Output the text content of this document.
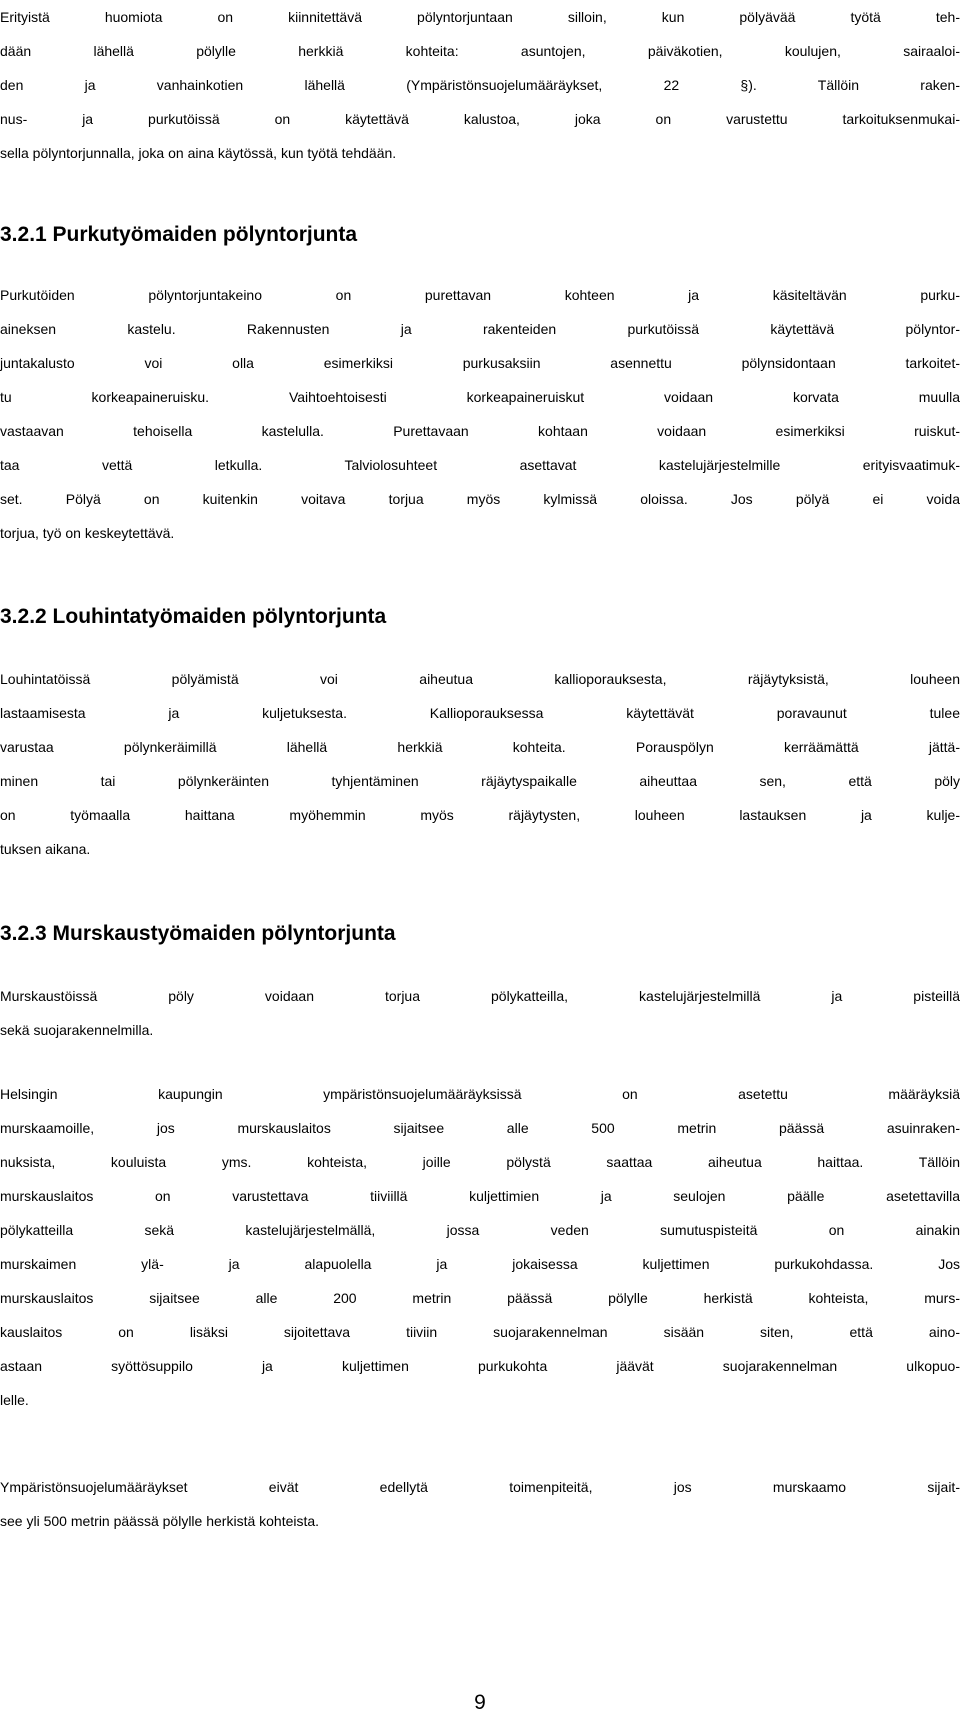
Erityistä huomiota on kiinnitettävä pölyntorjuntaan silloin, kun pölyävää työtä teh-
dään lähellä pölylle herkkiä kohteita: asuntojen, päiväkotien, koulujen, sairaaloi-
den ja vanhainkotien lähellä (Ympäristönsuojelumääräykset, 22 §). Tällöin raken-
nus- ja purkutöissä on käytettävä kalustoa, joka on varustettu tarkoituksenmukai-
sella pölyntorjunnalla, joka on aina käytössä, kun työtä tehdään.
3.2.1 Purkutyömaiden pölyntorjunta
Purkutöiden pölyntorjuntakeino on purettavan kohteen ja käsiteltävän purku-
aineksen kastelu. Rakennusten ja rakenteiden purkutöissä käytettävä pölyntor-
juntakalusto voi olla esimerkiksi purkusaksiin asennettu pölynsidontaan tarkoitet-
tu korkeapaineruisku. Vaihtoehtoisesti korkeapaineruiskut voidaan korvata muulla
vastaavan tehoisella kastelulla. Purettavaan kohtaan voidaan esimerkiksi ruiskut-
taa vettä letkulla. Talviolosuhteet asettavat kastelujärjestelmille erityisvaatimuk-
set. Pölyä on kuitenkin voitava torjua myös kylmissä oloissa. Jos pölyä ei voida
torjua, työ on keskeytettävä.
3.2.2 Louhintatyömaiden pölyntorjunta
Louhintatöissä pölyämistä voi aiheutua kallioporauksesta, räjäytyksistä, louheen
lastaamisesta ja kuljetuksesta. Kallioporauksessa käytettävät poravaunut tulee
varustaa pölynkeräimillä lähellä herkkiä kohteita. Porauspölyn kerräämättä jättä-
minen tai pölynkeräinten tyhjentäminen räjäytyspaikalle aiheuttaa sen, että pöly
on työmaalla haittana myöhemmin myös räjäytysten, louheen lastauksen ja kulje-
tuksen aikana.
3.2.3 Murskaustyömaiden pölyntorjunta
Murskaustöissä pöly voidaan torjua pölykatteilla, kastelujärjestelmillä ja pisteillä
sekä suojarakennelmilla.
Helsingin kaupungin ympäristönsuojelumääräyksissä on asetettu määräyksiä
murskaamoille, jos murskauslaitos sijaitsee alle 500 metrin päässä asuinraken-
nuksista, kouluista yms. kohteista, joille pölystä saattaa aiheutua haittaa. Tällöin
murskauslaitos on varustettava tiiviillä kuljettimien ja seulojen päälle asetettavilla
pölykatteilla sekä kastelujärjestelmällä, jossa veden sumutuspisteitä on ainakin
murskaimen ylä- ja alapuolella ja jokaisessa kuljettimen purkukohdassa. Jos
murskauslaitos sijaitsee alle 200 metrin päässä pölylle herkistä kohteista, murs-
kauslaitos on lisäksi sijoitettava tiiviin suojarakennelman sisään siten, että aino-
astaan syöttösuppilo ja kuljettimen purkukohta jäävät suojarakennelman ulkopuo-
lelle.
Ympäristönsuojelumääräykset eivät edellytä toimenpiteitä, jos murskaamo sijait-
see yli 500 metrin päässä pölylle herkistä kohteista.
9
